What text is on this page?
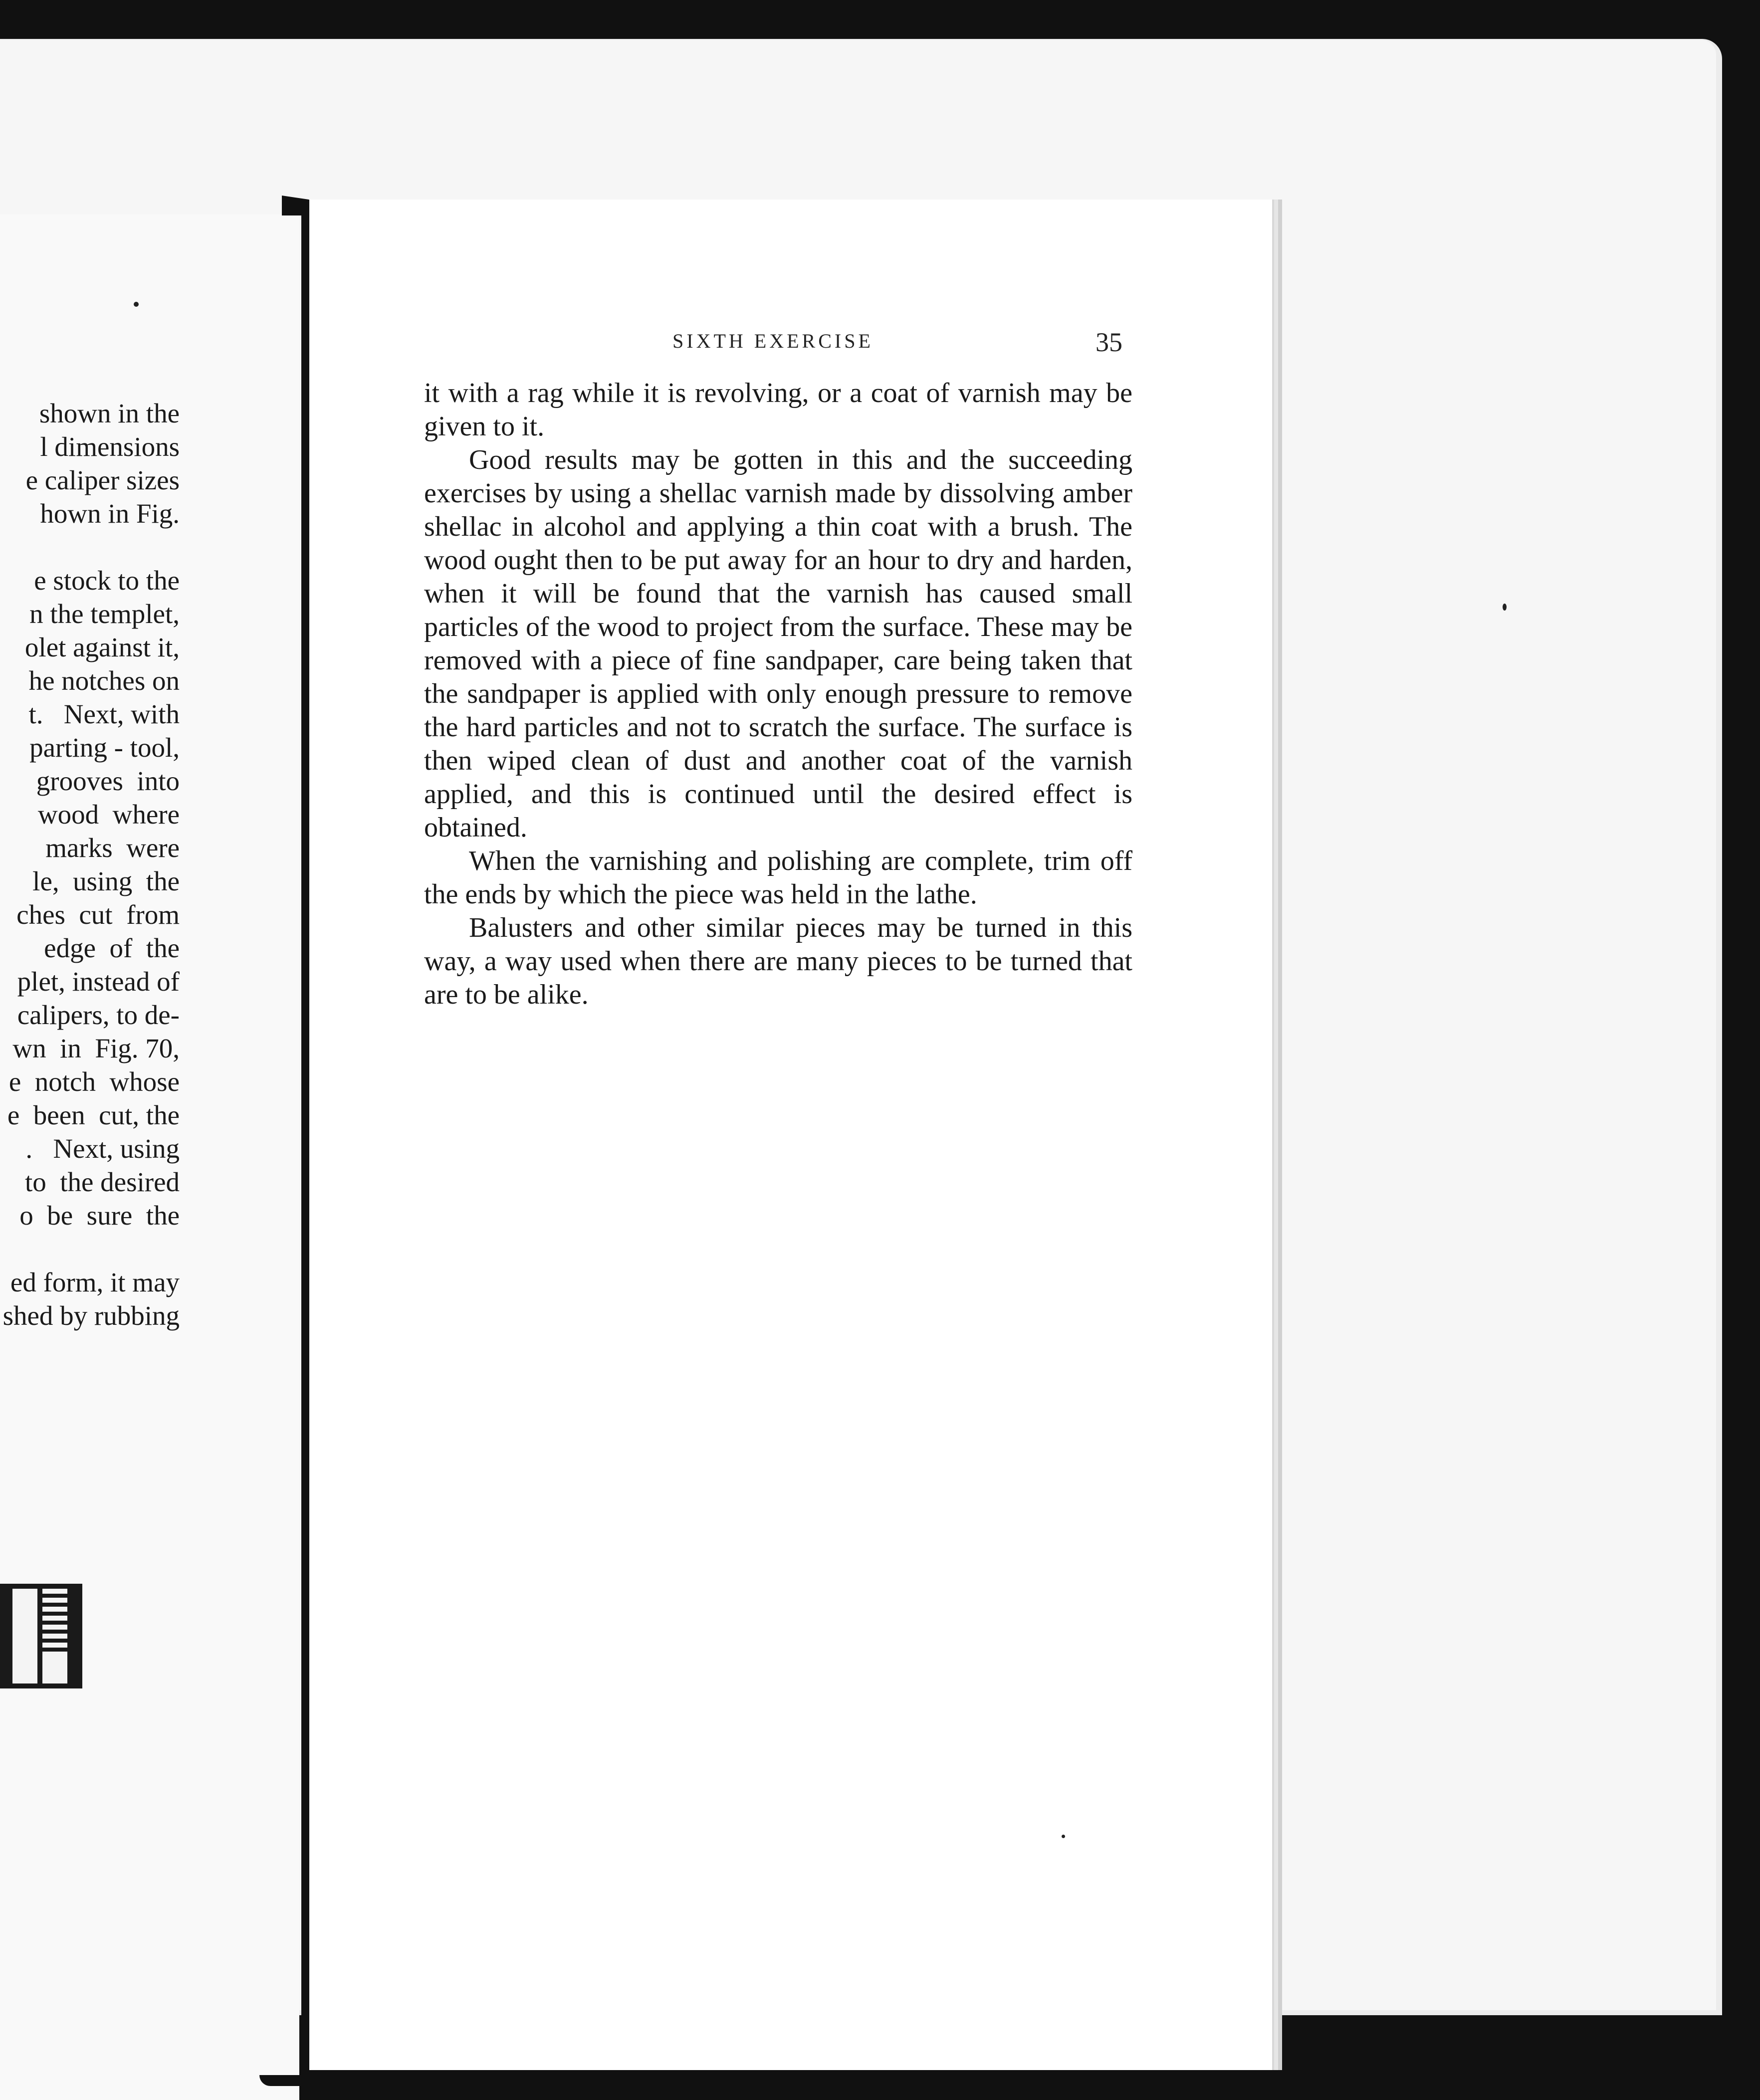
shown in the
l dimensions
e caliper sizes
hown in Fig.
e stock to the
n the templet,
olet against it,
he notches on
t.   Next, with
parting - tool,
grooves  into
wood  where
marks  were
le,  using  the
ches  cut  from
edge  of  the
plet, instead of
calipers, to de-
wn  in  Fig. 70,
e  notch  whose
e  been  cut, the
.   Next, using
to  the desired
o  be  sure  the
ed form, it may
shed by rubbing
SIXTH EXERCISE	35

it with a rag while it is revolving, or a coat of varnish may be given to it.

Good results may be gotten in this and the succeeding exercises by using a shellac varnish made by dissolving amber shellac in alcohol and applying a thin coat with a brush. The wood ought then to be put away for an hour to dry and harden, when it will be found that the varnish has caused small particles of the wood to project from the surface. These may be removed with a piece of fine sandpaper, care being taken that the sandpaper is applied with only enough pressure to remove the hard particles and not to scratch the surface. The surface is then wiped clean of dust and another coat of the varnish applied, and this is continued until the desired effect is obtained.

When the varnishing and polishing are complete, trim off the ends by which the piece was held in the lathe.

Balusters and other similar pieces may be turned in this way, a way used when there are many pieces to be turned that are to be alike.
